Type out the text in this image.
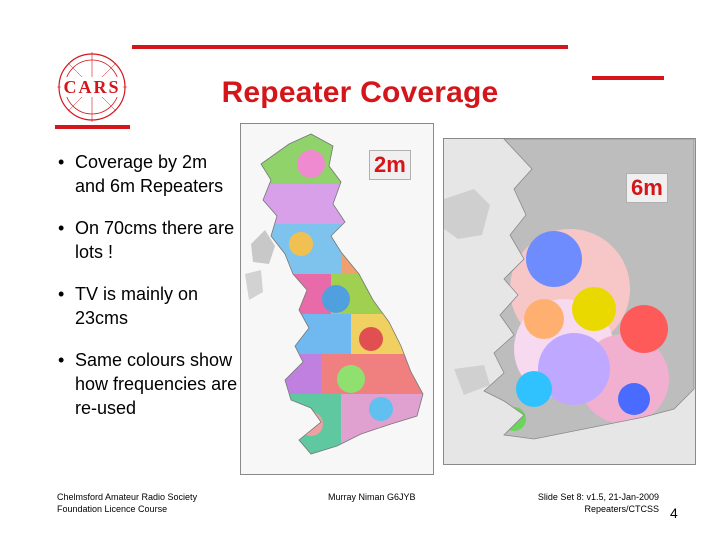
CARS	Repeater Coverage
• Coverage by 2m and 6m Repeaters
• On 70cms there are lots !
• TV is mainly on 23cms
• Same colours show how frequencies are re-used
2m
6m
Chelmsford Amateur Radio Society
Foundation Licence Course
Murray Niman G6JYB	Slide Set 8: v1.5, 21-Jan-2009
Repeaters/CTCSS 4
